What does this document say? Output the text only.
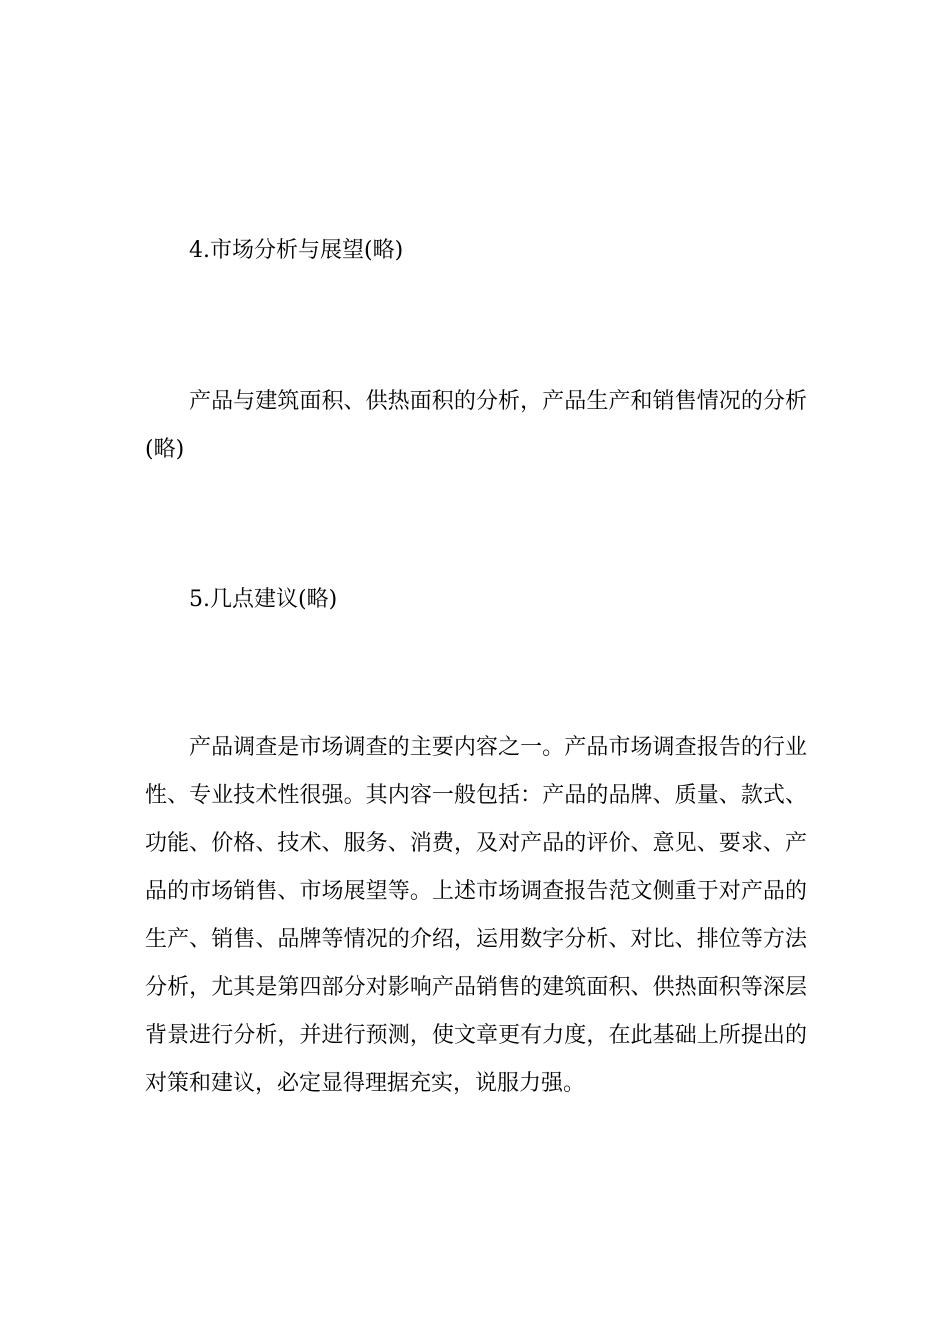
4.市场分析与展望(略)

产品与建筑面积、供热面积的分析，产品生产和销售情况的分析(略)

5.几点建议(略)

产品调查是市场调查的主要内容之一。产品市场调查报告的行业性、专业技术性很强。其内容一般包括：产品的品牌、质量、款式、功能、价格、技术、服务、消费，及对产品的评价、意见、要求、产品的市场销售、市场展望等。上述市场调查报告范文侧重于对产品的生产、销售、品牌等情况的介绍，运用数字分析、对比、排位等方法分析，尤其是第四部分对影响产品销售的建筑面积、供热面积等深层背景进行分析，并进行预测，使文章更有力度，在此基础上所提出的对策和建议，必定显得理据充实，说服力强。
